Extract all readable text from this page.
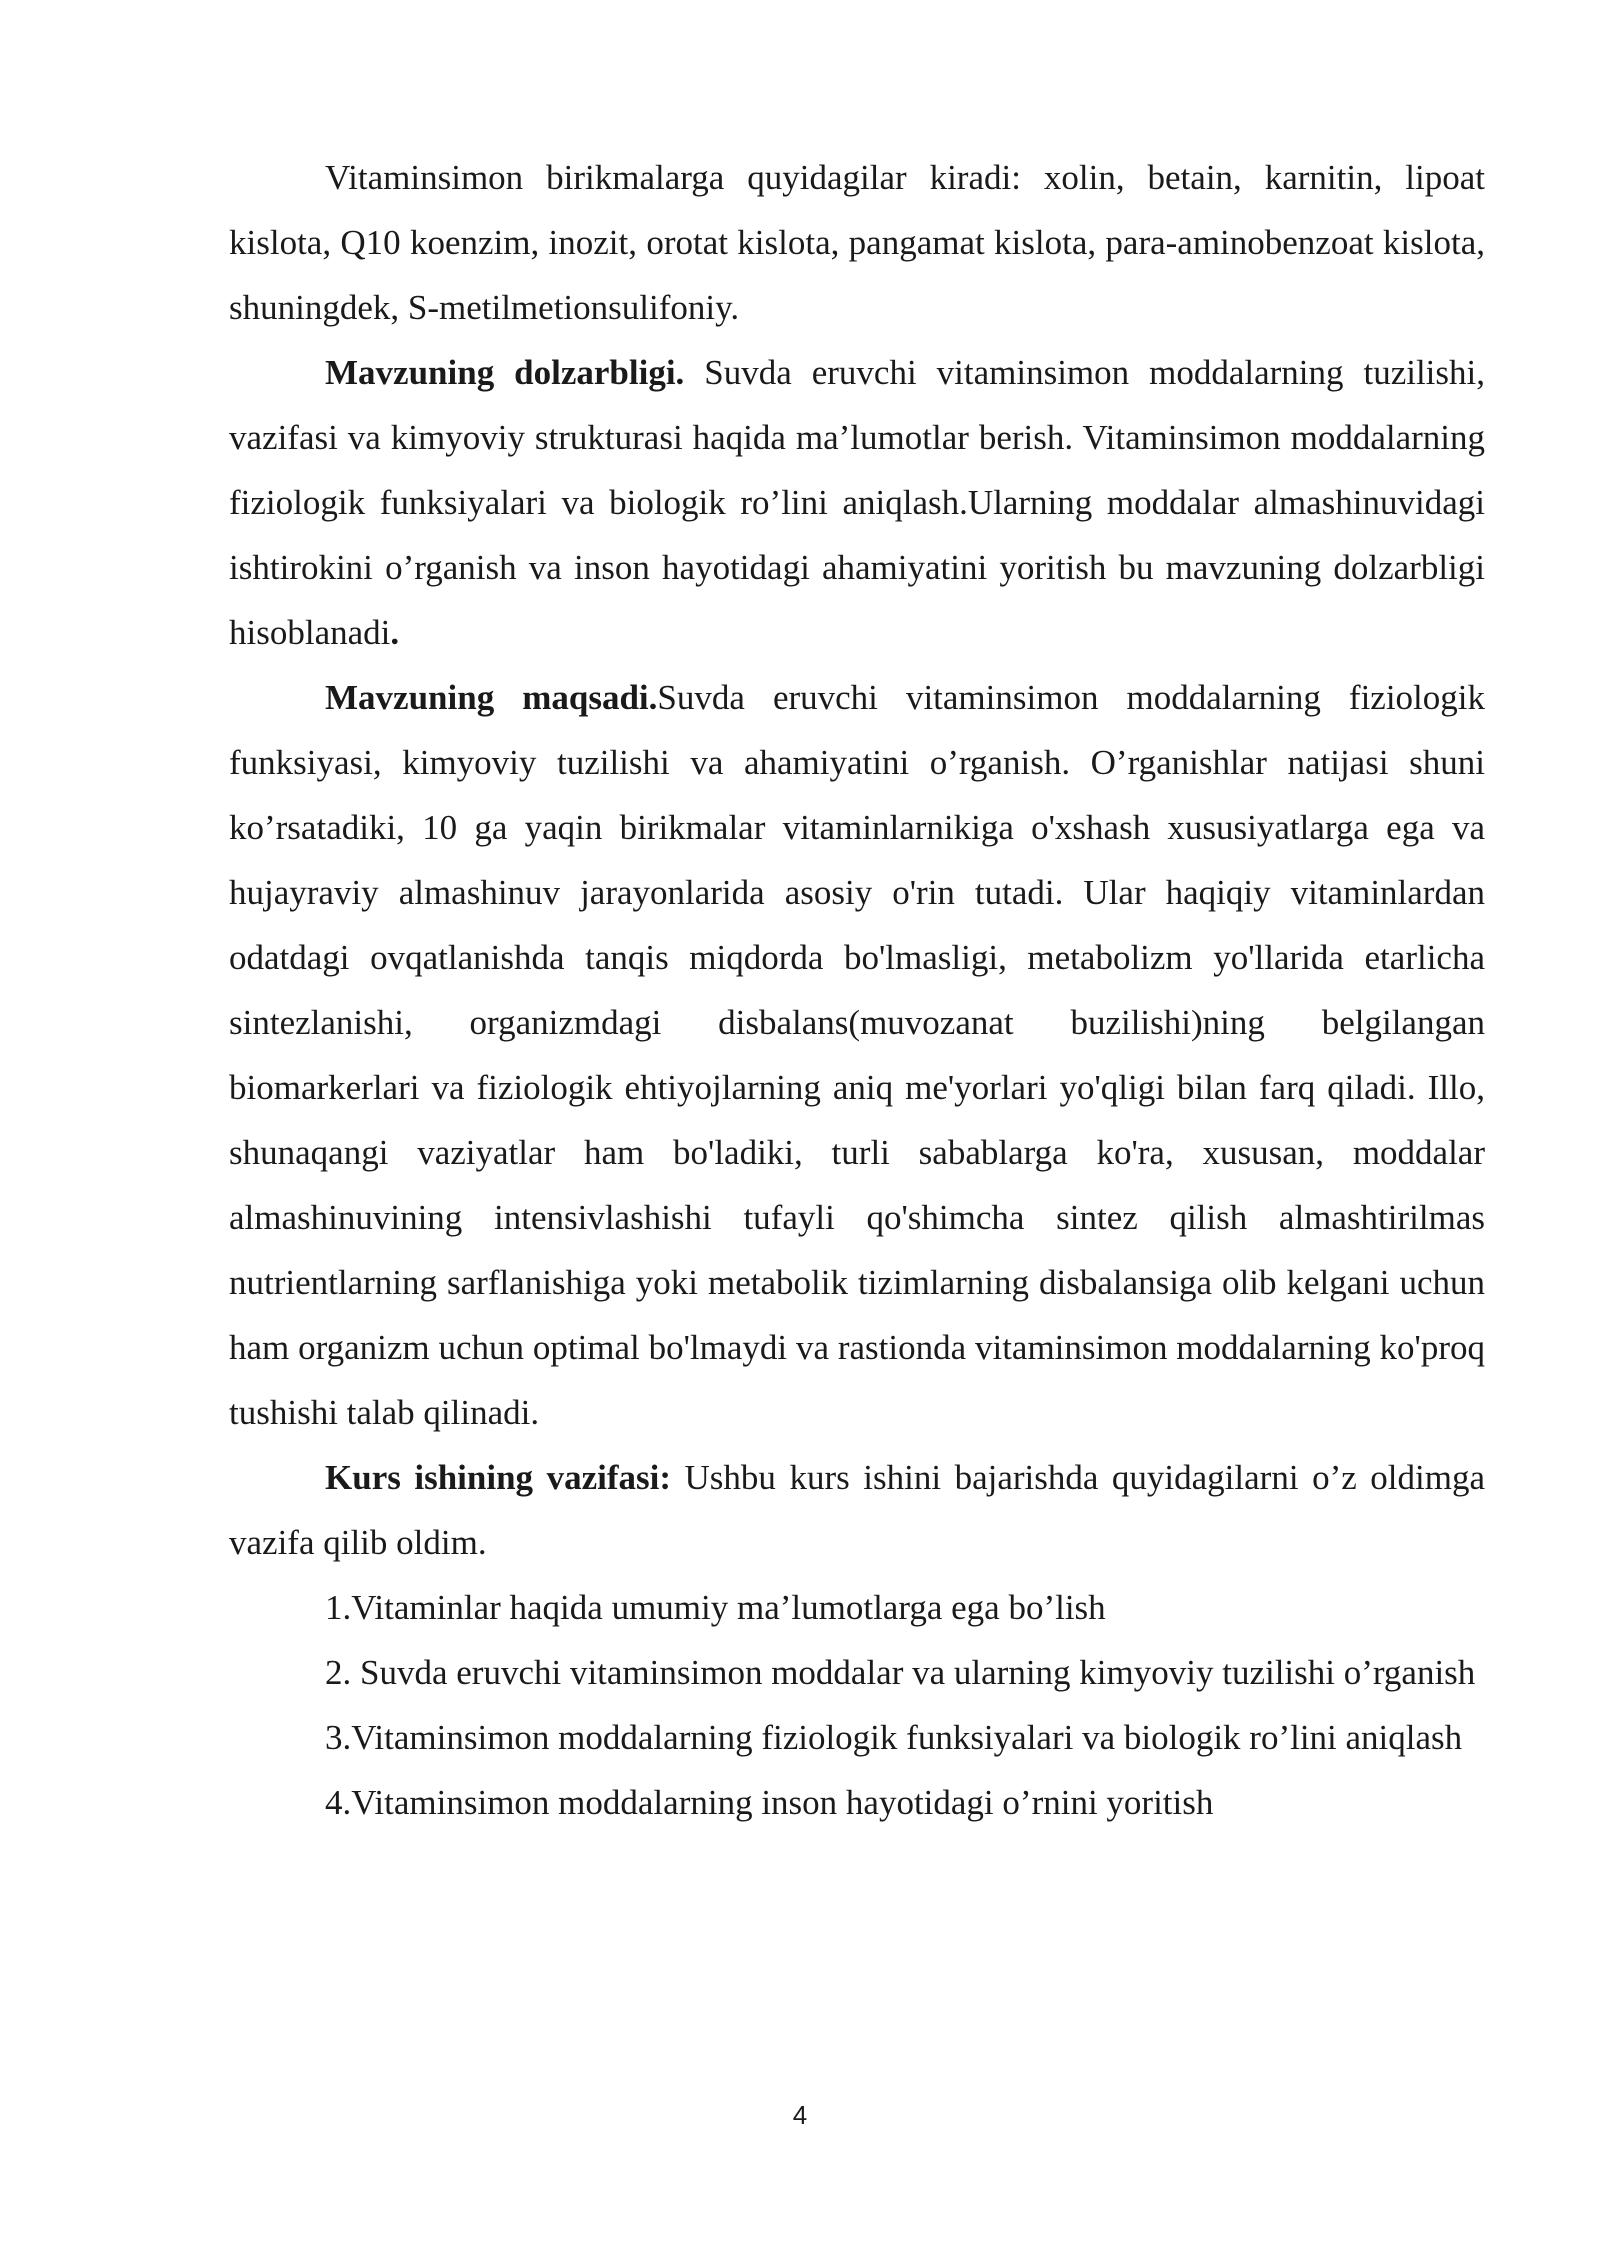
Vitaminsimon birikmalarga quyidagilar kiradi: xolin, betain, karnitin, lipoat kislota, Q10 koenzim, inozit, orotat kislota, pangamat kislota, para-aminobenzoat kislota, shuningdek, S-metilmetionsulifoniy.

Mavzuning dolzarbligi. Suvda eruvchi vitaminsimon moddalarning tuzilishi, vazifasi va kimyoviy strukturasi haqida ma’lumotlar berish. Vitaminsimon moddalarning fiziologik funksiyalari va biologik ro’lini aniqlash.Ularning moddalar almashinuvidagi ishtirokini o’rganish va inson hayotidagi ahamiyatini yoritish bu mavzuning dolzarbligi hisoblanadi.

Mavzuning maqsadi.Suvda eruvchi vitaminsimon moddalarning fiziologik funksiyasi, kimyoviy tuzilishi va ahamiyatini o’rganish. O’rganishlar natijasi shuni ko’rsatadiki, 10 ga yaqin birikmalar vitaminlarnikiga o'xshash xususiyatlarga ega va hujayraviy almashinuv jarayonlarida asosiy o'rin tutadi. Ular haqiqiy vitaminlardan odatdagi ovqatlanishda tanqis miqdorda bo'lmasligi, metabolizm yo'llarida etarlicha sintezlanishi, organizmdagi disbalans(muvozanat buzilishi)ning belgilangan biomarkerlari va fiziologik ehtiyojlarning aniq me'yorlari yo'qligi bilan farq qiladi. Illo, shunaqangi vaziyatlar ham bo'ladiki, turli sabablarga ko'ra, xususan, moddalar almashinuvining intensivlashishi tufayli qo'shimcha sintez qilish almashtirilmas nutrientlarning sarflanishiga yoki metabolik tizimlarning disbalansiga olib kelgani uchun ham organizm uchun optimal bo'lmaydi va rastionda vitaminsimon moddalarning ko'proq tushishi talab qilinadi.

Kurs ishining vazifasi: Ushbu kurs ishini bajarishda quyidagilarni o’z oldimga vazifa qilib oldim.

1.Vitaminlar haqida umumiy ma’lumotlarga ega bo’lish

2. Suvda eruvchi vitaminsimon moddalar va ularning kimyoviy tuzilishi o’rganish

3.Vitaminsimon moddalarning fiziologik funksiyalari va biologik ro’lini aniqlash

4.Vitaminsimon moddalarning inson hayotidagi o’rnini yoritish

4
